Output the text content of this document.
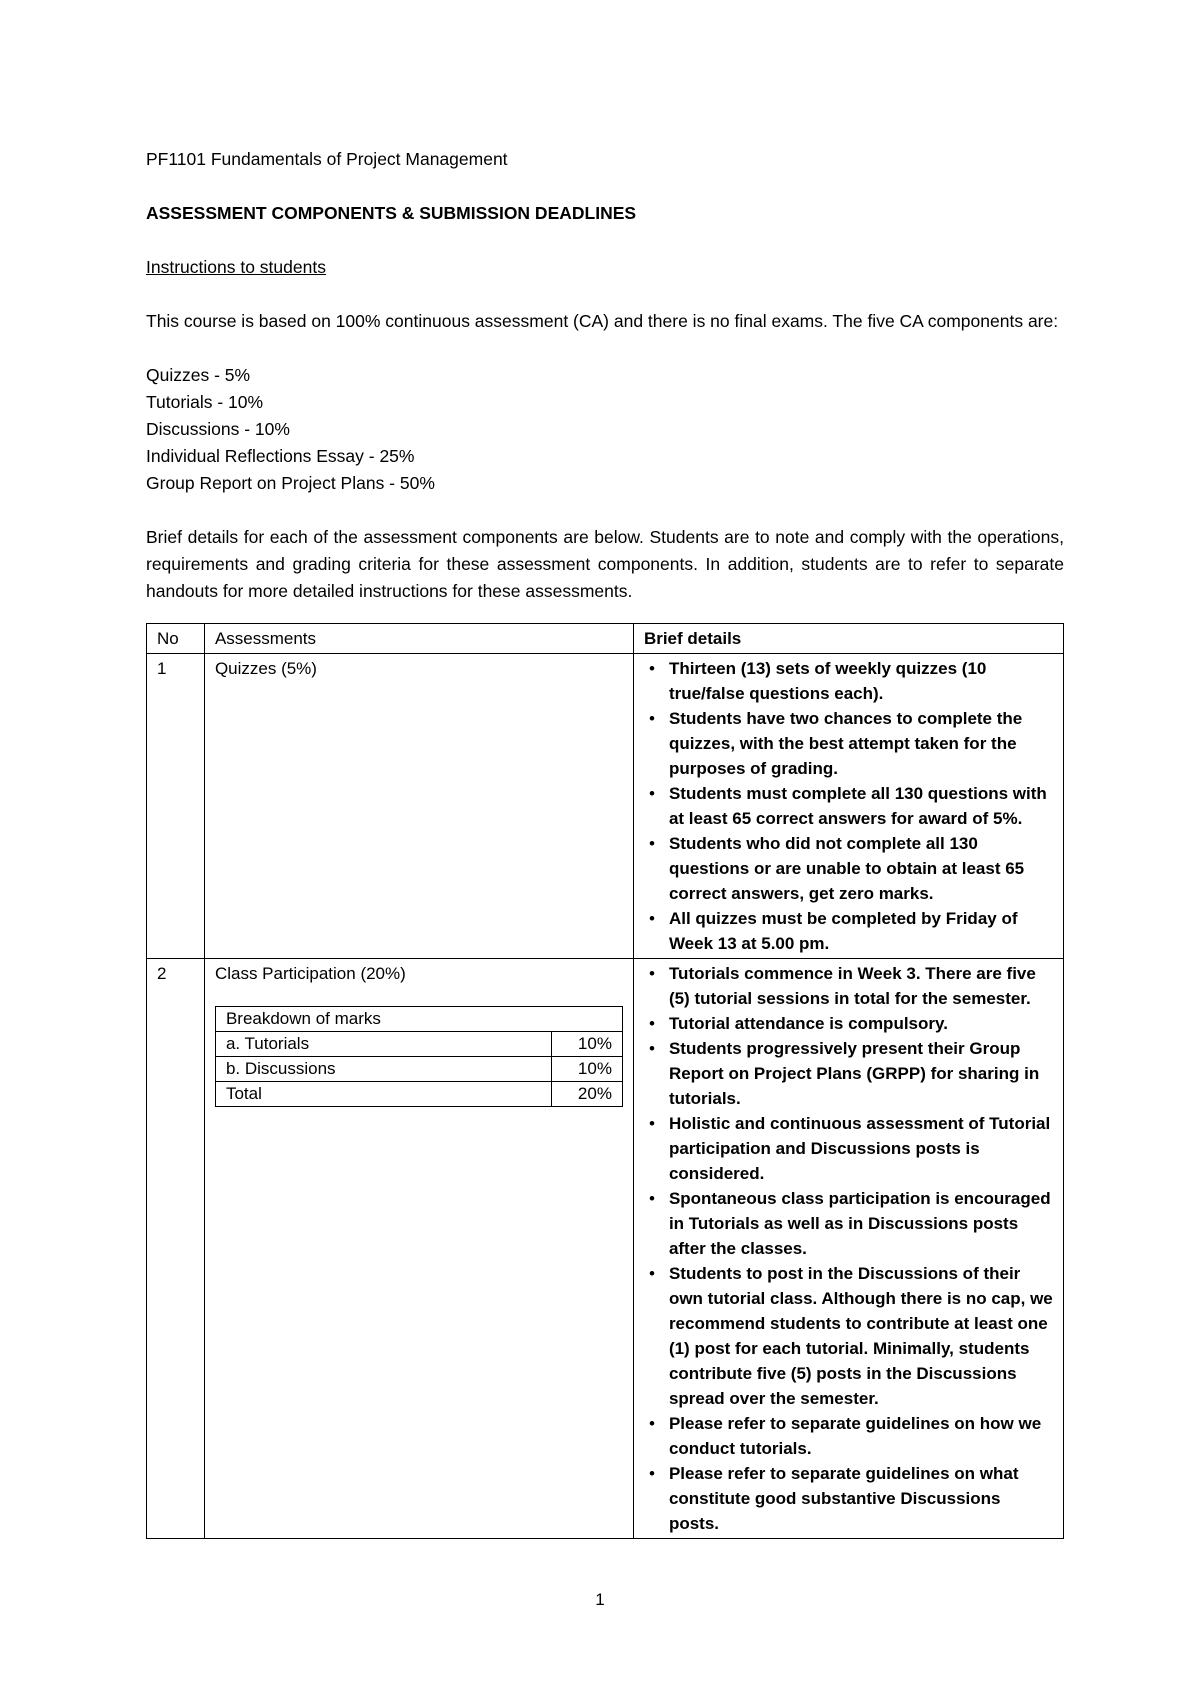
PF1101 Fundamentals of Project Management

ASSESSMENT COMPONENTS & SUBMISSION DEADLINES

Instructions to students

This course is based on 100% continuous assessment (CA) and there is no final exams. The five CA components are:

Quizzes - 5%
Tutorials - 10%
Discussions - 10%
Individual Reflections Essay - 25%
Group Report on Project Plans - 50%

Brief details for each of the assessment components are below. Students are to note and comply with the operations, requirements and grading criteria for these assessment components. In addition, students are to refer to separate handouts for more detailed instructions for these assessments.

No	Assessments	Brief details
1	Quizzes (5%)	
•Thirteen (13) sets of weekly quizzes (10 true/false questions each).
• Students have two chances to complete the quizzes, with the best attempt taken for the purposes of grading.
• Students must complete all 130 questions with at least 65 correct answers for award of 5%.
• Students who did not complete all 130 questions or are unable to obtain at least 65 correct answers, get zero marks.
• All quizzes must be completed by Friday of Week 13 at 5.00 pm.

2	Class Participation (20%)
Breakdown of marks
a. Tutorials	10%
b. Discussions	10%
Total	20%

• Tutorials commence in Week 3. There are five (5) tutorial sessions in total for the semester.
• Tutorial attendance is compulsory.
• Students progressively present their Group Report on Project Plans (GRPP) for sharing in tutorials.
• Holistic and continuous assessment of Tutorial participation and Discussions posts is considered.
• Spontaneous class participation is encouraged in Tutorials as well as in Discussions posts after the classes.
• Students to post in the Discussions of their own tutorial class. Although there is no cap, we recommend students to contribute at least one (1) post for each tutorial. Minimally, students contribute five (5) posts in the Discussions spread over the semester.
• Please refer to separate guidelines on how we conduct tutorials.
• Please refer to separate guidelines on what constitute good substantive Discussions posts.
1
